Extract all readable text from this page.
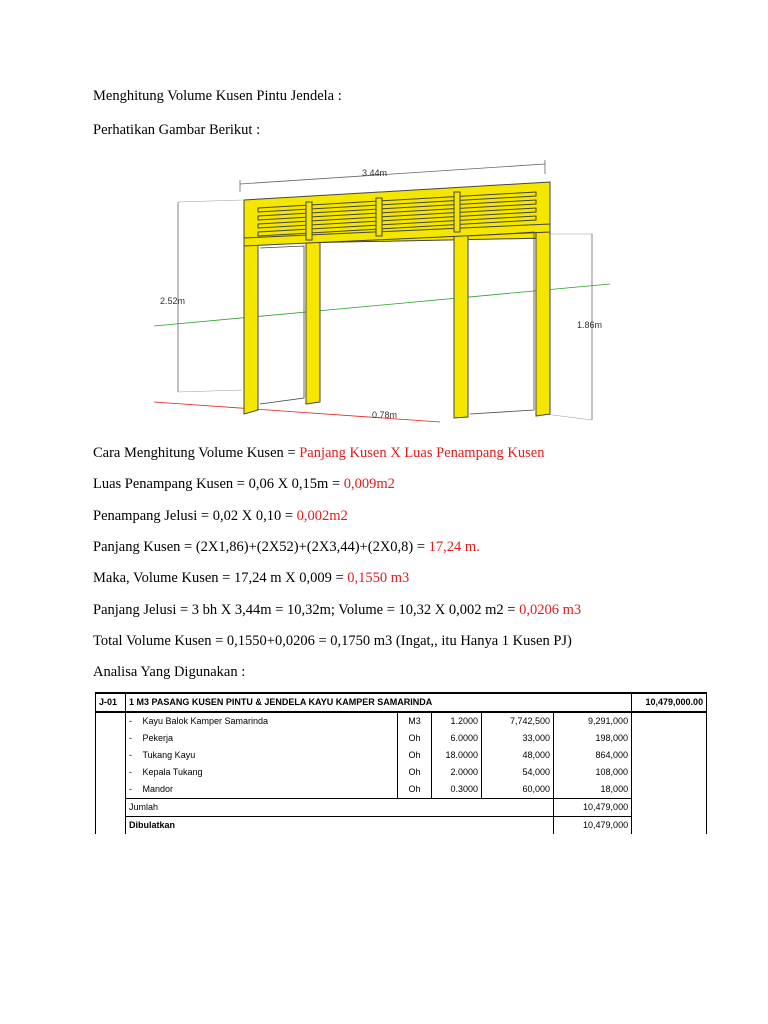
Menghitung Volume Kusen Pintu Jendela :
Perhatikan Gambar Berikut :
3.44m
2.52m
1.86m
0.78m
Cara Menghitung Volume Kusen = Panjang Kusen X Luas Penampang Kusen
Luas Penampang Kusen = 0,06 X 0,15m = 0,009m2
Penampang Jelusi = 0,02 X 0,10 = 0,002m2
Panjang Kusen = (2X1,86)+(2X52)+(2X3,44)+(2X0,8) = 17,24 m.
Maka, Volume Kusen = 17,24 m X 0,009 = 0,1550 m3
Panjang Jelusi = 3 bh X 3,44m = 10,32m; Volume = 10,32 X 0,002 m2 = 0,0206 m3
Total Volume Kusen = 0,1550+0,0206 = 0,1750 m3 (Ingat,, itu Hanya 1 Kusen PJ)
Analisa Yang Digunakan :
J-01	1 M3 PASANG KUSEN PINTU & JENDELA KAYU KAMPER SAMARINDA						10,479,000.00
	-	Kayu Balok Kamper Samarinda	M3	1.2000	7,742,500	9,291,000	
	-	Pekerja	Oh	6.0000	33,000	198,000	
	-	Tukang Kayu	Oh	18.0000	48,000	864,000	
	-	Kepala Tukang	Oh	2.0000	54,000	108,000	
	-	Mandor	Oh	0.3000	60,000	18,000	
	Jumlah					10,479,000	
	Dibulatkan					10,479,000	
